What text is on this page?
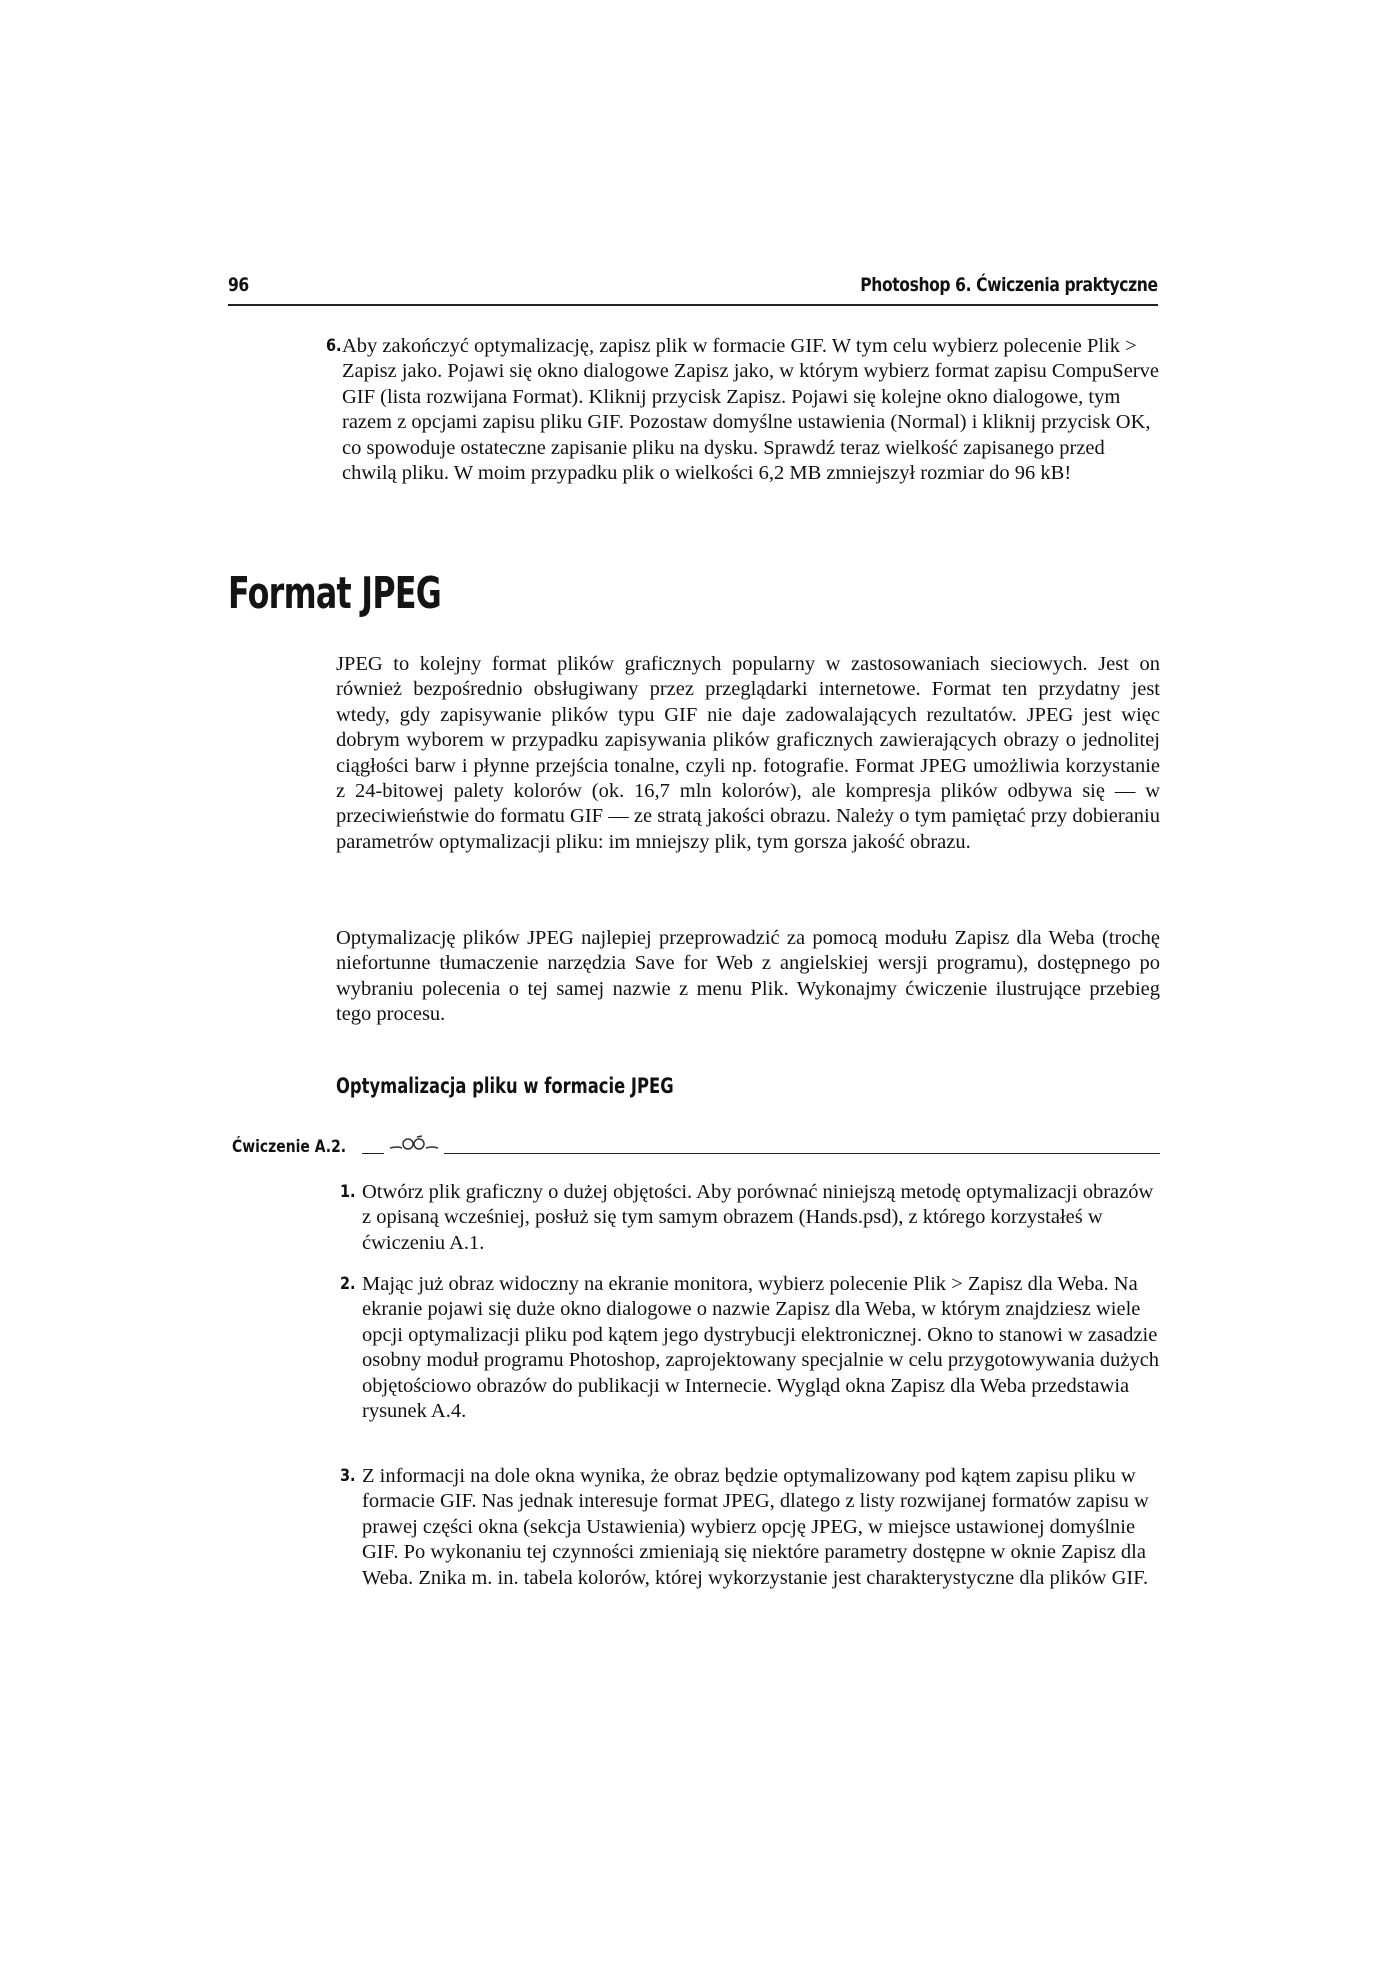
96	Photoshop 6. Ćwiczenia praktyczne
6. Aby zakończyć optymalizację, zapisz plik w formacie GIF. W tym celu wybierz polecenie Plik > Zapisz jako. Pojawi się okno dialogowe Zapisz jako, w którym wybierz format zapisu CompuServe GIF (lista rozwijana Format). Kliknij przycisk Zapisz. Pojawi się kolejne okno dialogowe, tym razem z opcjami zapisu pliku GIF. Pozostaw domyślne ustawienia (Normal) i kliknij przycisk OK, co spowoduje ostateczne zapisanie pliku na dysku. Sprawdź teraz wielkość zapisanego przed chwilą pliku. W moim przypadku plik o wielkości 6,2 MB zmniejszył rozmiar do 96 kB!
Format JPEG
JPEG to kolejny format plików graficznych popularny w zastosowaniach sieciowych. Jest on również bezpośrednio obsługiwany przez przeglądarki internetowe. Format ten przydatny jest wtedy, gdy zapisywanie plików typu GIF nie daje zadowalających rezultatów. JPEG jest więc dobrym wyborem w przypadku zapisywania plików graficznych zawierających obrazy o jednolitej ciągłości barw i płynne przejścia tonalne, czyli np. fotografie. Format JPEG umożliwia korzystanie z 24-bitowej palety kolorów (ok. 16,7 mln kolorów), ale kompresja plików odbywa się — w przeciwieństwie do formatu GIF — ze stratą jakości obrazu. Należy o tym pamiętać przy dobieraniu parametrów optymalizacji pliku: im mniejszy plik, tym gorsza jakość obrazu.
Optymalizację plików JPEG najlepiej przeprowadzić za pomocą modułu Zapisz dla Weba (trochę niefortunne tłumaczenie narzędzia Save for Web z angielskiej wersji programu), dostępnego po wybraniu polecenia o tej samej nazwie z menu Plik. Wykonajmy ćwiczenie ilustrujące przebieg tego procesu.
Optymalizacja pliku w formacie JPEG
Ćwiczenie A.2.
1. Otwórz plik graficzny o dużej objętości. Aby porównać niniejszą metodę optymalizacji obrazów z opisaną wcześniej, posłuż się tym samym obrazem (Hands.psd), z którego korzystałeś w ćwiczeniu A.1.
2. Mając już obraz widoczny na ekranie monitora, wybierz polecenie Plik > Zapisz dla Weba. Na ekranie pojawi się duże okno dialogowe o nazwie Zapisz dla Weba, w którym znajdziesz wiele opcji optymalizacji pliku pod kątem jego dystrybucji elektronicznej. Okno to stanowi w zasadzie osobny moduł programu Photoshop, zaprojektowany specjalnie w celu przygotowywania dużych objętościowo obrazów do publikacji w Internecie. Wygląd okna Zapisz dla Weba przedstawia rysunek A.4.
3. Z informacji na dole okna wynika, że obraz będzie optymalizowany pod kątem zapisu pliku w formacie GIF. Nas jednak interesuje format JPEG, dlatego z listy rozwijanej formatów zapisu w prawej części okna (sekcja Ustawienia) wybierz opcję JPEG, w miejsce ustawionej domyślnie GIF. Po wykonaniu tej czynności zmieniają się niektóre parametry dostępne w oknie Zapisz dla Weba. Znika m. in. tabela kolorów, której wykorzystanie jest charakterystyczne dla plików GIF.
